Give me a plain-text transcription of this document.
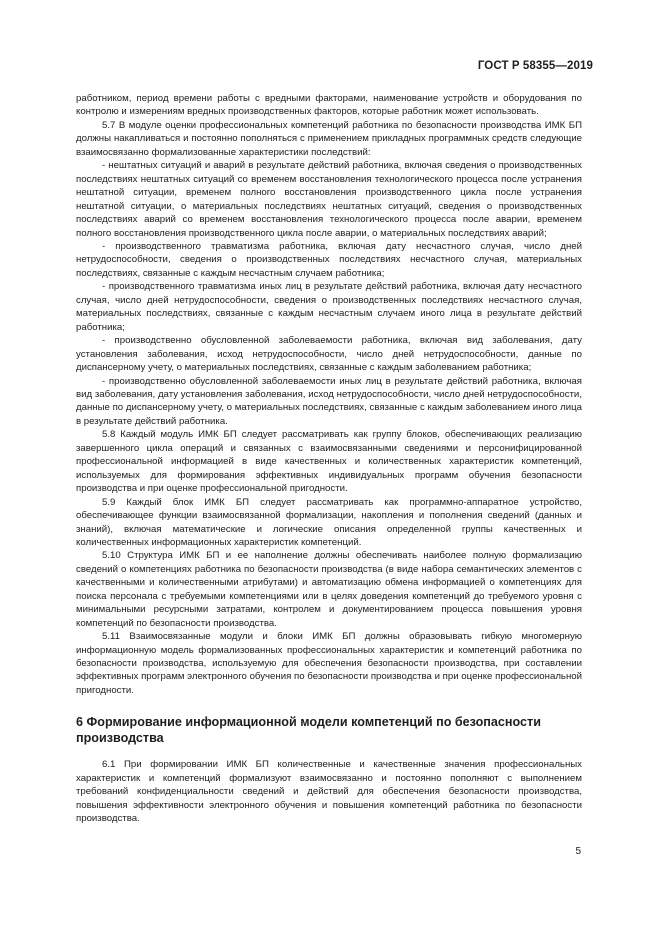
ГОСТ Р 58355—2019

работником, период времени работы с вредными факторами, наименование устройств и оборудования по контролю и измерениям вредных производственных факторов, которые работник может использовать.

5.7 В модуле оценки профессиональных компетенций работника по безопасности производства ИМК БП должны накапливаться и постоянно пополняться с применением прикладных программных средств следующие взаимосвязанно формализованные характеристики последствий:

- нештатных ситуаций и аварий в результате действий работника, включая сведения о производственных последствиях нештатных ситуаций со временем восстановления технологического процесса после устранения нештатной ситуации, временем полного восстановления производственного цикла после устранения нештатной ситуации, о материальных последствиях нештатных ситуаций, сведения о производственных последствиях аварий со временем восстановления технологического процесса после аварии, временем полного восстановления производственного цикла после аварии, о материальных последствиях аварий;

- производственного травматизма работника, включая дату несчастного случая, число дней нетрудоспособности, сведения о производственных последствиях несчастного случая, материальных последствиях, связанные с каждым несчастным случаем работника;

- производственного травматизма иных лиц в результате действий работника, включая дату несчастного случая, число дней нетрудоспособности, сведения о производственных последствиях несчастного случая, материальных последствиях, связанные с каждым несчастным случаем иного лица в результате действий работника;

- производственно обусловленной заболеваемости работника, включая вид заболевания, дату установления заболевания, исход нетрудоспособности, число дней нетрудоспособности, данные по диспансерному учету, о материальных последствиях, связанные с каждым заболеванием работника;

- производственно обусловленной заболеваемости иных лиц в результате действий работника, включая вид заболевания, дату установления заболевания, исход нетрудоспособности, число дней нетрудоспособности, данные по диспансерному учету, о материальных последствиях, связанные с каждым заболеванием иного лица в результате действий работника.

5.8 Каждый модуль ИМК БП следует рассматривать как группу блоков, обеспечивающих реализацию завершенного цикла операций и связанных с взаимосвязанными сведениями и персонифицированной профессиональной информацией в виде качественных и количественных характеристик компетенций, используемых для формирования эффективных индивидуальных программ обучения безопасности производства и при оценке профессиональной пригодности.

5.9 Каждый блок ИМК БП следует рассматривать как программно-аппаратное устройство, обеспечивающее функции взаимосвязанной формализации, накопления и пополнения сведений (данных и знаний), включая математические и логические описания определенной группы качественных и количественных информационных характеристик компетенций.

5.10 Структура ИМК БП и ее наполнение должны обеспечивать наиболее полную формализацию сведений о компетенциях работника по безопасности производства (в виде набора семантических элементов с качественными и количественными атрибутами) и автоматизацию обмена информацией о компетенциях для поиска персонала с требуемыми компетенциями или в целях доведения компетенций до требуемого уровня с минимальными ресурсными затратами, контролем и документированием процесса повышения уровня компетенций по безопасности производства.

5.11 Взаимосвязанные модули и блоки ИМК БП должны образовывать гибкую многомерную информационную модель формализованных профессиональных характеристик и компетенций работника по безопасности производства, используемую для обеспечения безопасности производства, при составлении эффективных программ электронного обучения по безопасности производства и при оценке профессиональной пригодности.

6 Формирование информационной модели компетенций по безопасности производства

6.1 При формировании ИМК БП количественные и качественные значения профессиональных характеристик и компетенций формализуют взаимосвязанно и постоянно пополняют с выполнением требований конфиденциальности сведений и действий для обеспечения безопасности производства, повышения эффективности электронного обучения и повышения компетенций работника по безопасности производства.

5
